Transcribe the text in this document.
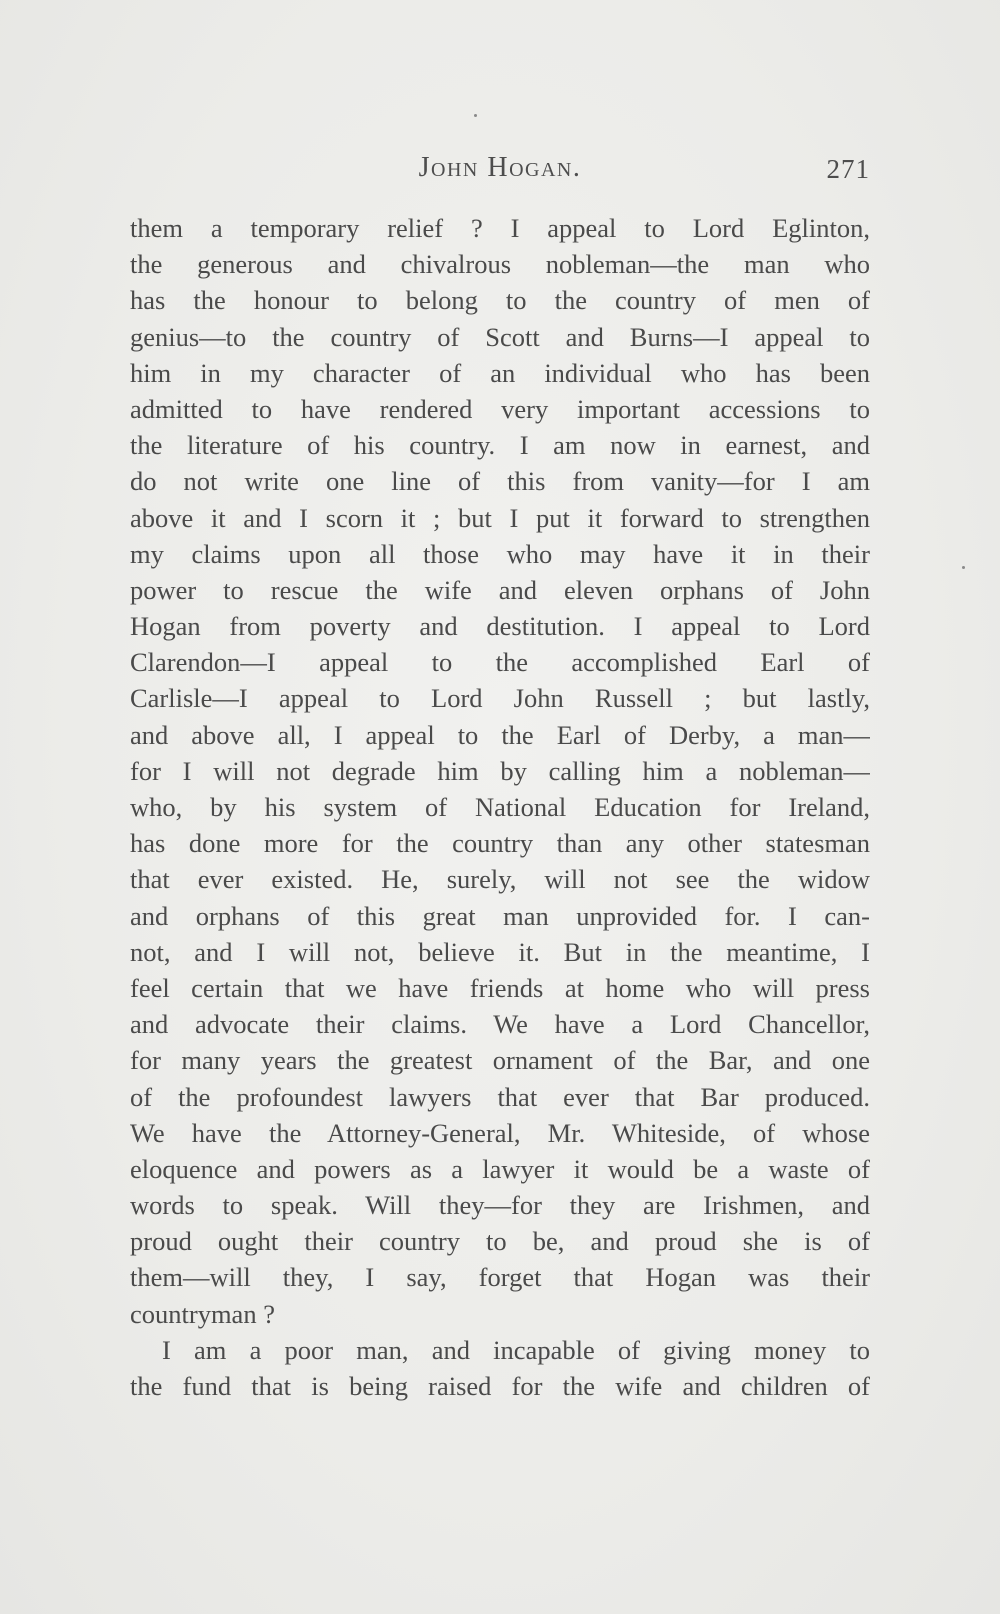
John Hogan.	271
them a temporary relief ? I appeal to Lord Eglinton,
the generous and chivalrous nobleman—the man who
has the honour to belong to the country of men of
genius—to the country of Scott and Burns—I appeal to
him in my character of an individual who has been
admitted to have rendered very important accessions to
the literature of his country. I am now in earnest, and
do not write one line of this from vanity—for I am
above it and I scorn it ; but I put it forward to strengthen
my claims upon all those who may have it in their
power to rescue the wife and eleven orphans of John
Hogan from poverty and destitution. I appeal to Lord
Clarendon—I appeal to the accomplished Earl of
Carlisle—I appeal to Lord John Russell ; but lastly,
and above all, I appeal to the Earl of Derby, a man—
for I will not degrade him by calling him a nobleman—
who, by his system of National Education for Ireland,
has done more for the country than any other statesman
that ever existed. He, surely, will not see the widow
and orphans of this great man unprovided for. I can-
not, and I will not, believe it. But in the meantime, I
feel certain that we have friends at home who will press
and advocate their claims. We have a Lord Chancellor,
for many years the greatest ornament of the Bar, and one
of the profoundest lawyers that ever that Bar produced.
We have the Attorney-General, Mr. Whiteside, of whose
eloquence and powers as a lawyer it would be a waste of
words to speak. Will they—for they are Irishmen, and
proud ought their country to be, and proud she is of
them—will they, I say, forget that Hogan was their
countryman ?
I am a poor man, and incapable of giving money to
the fund that is being raised for the wife and children of
